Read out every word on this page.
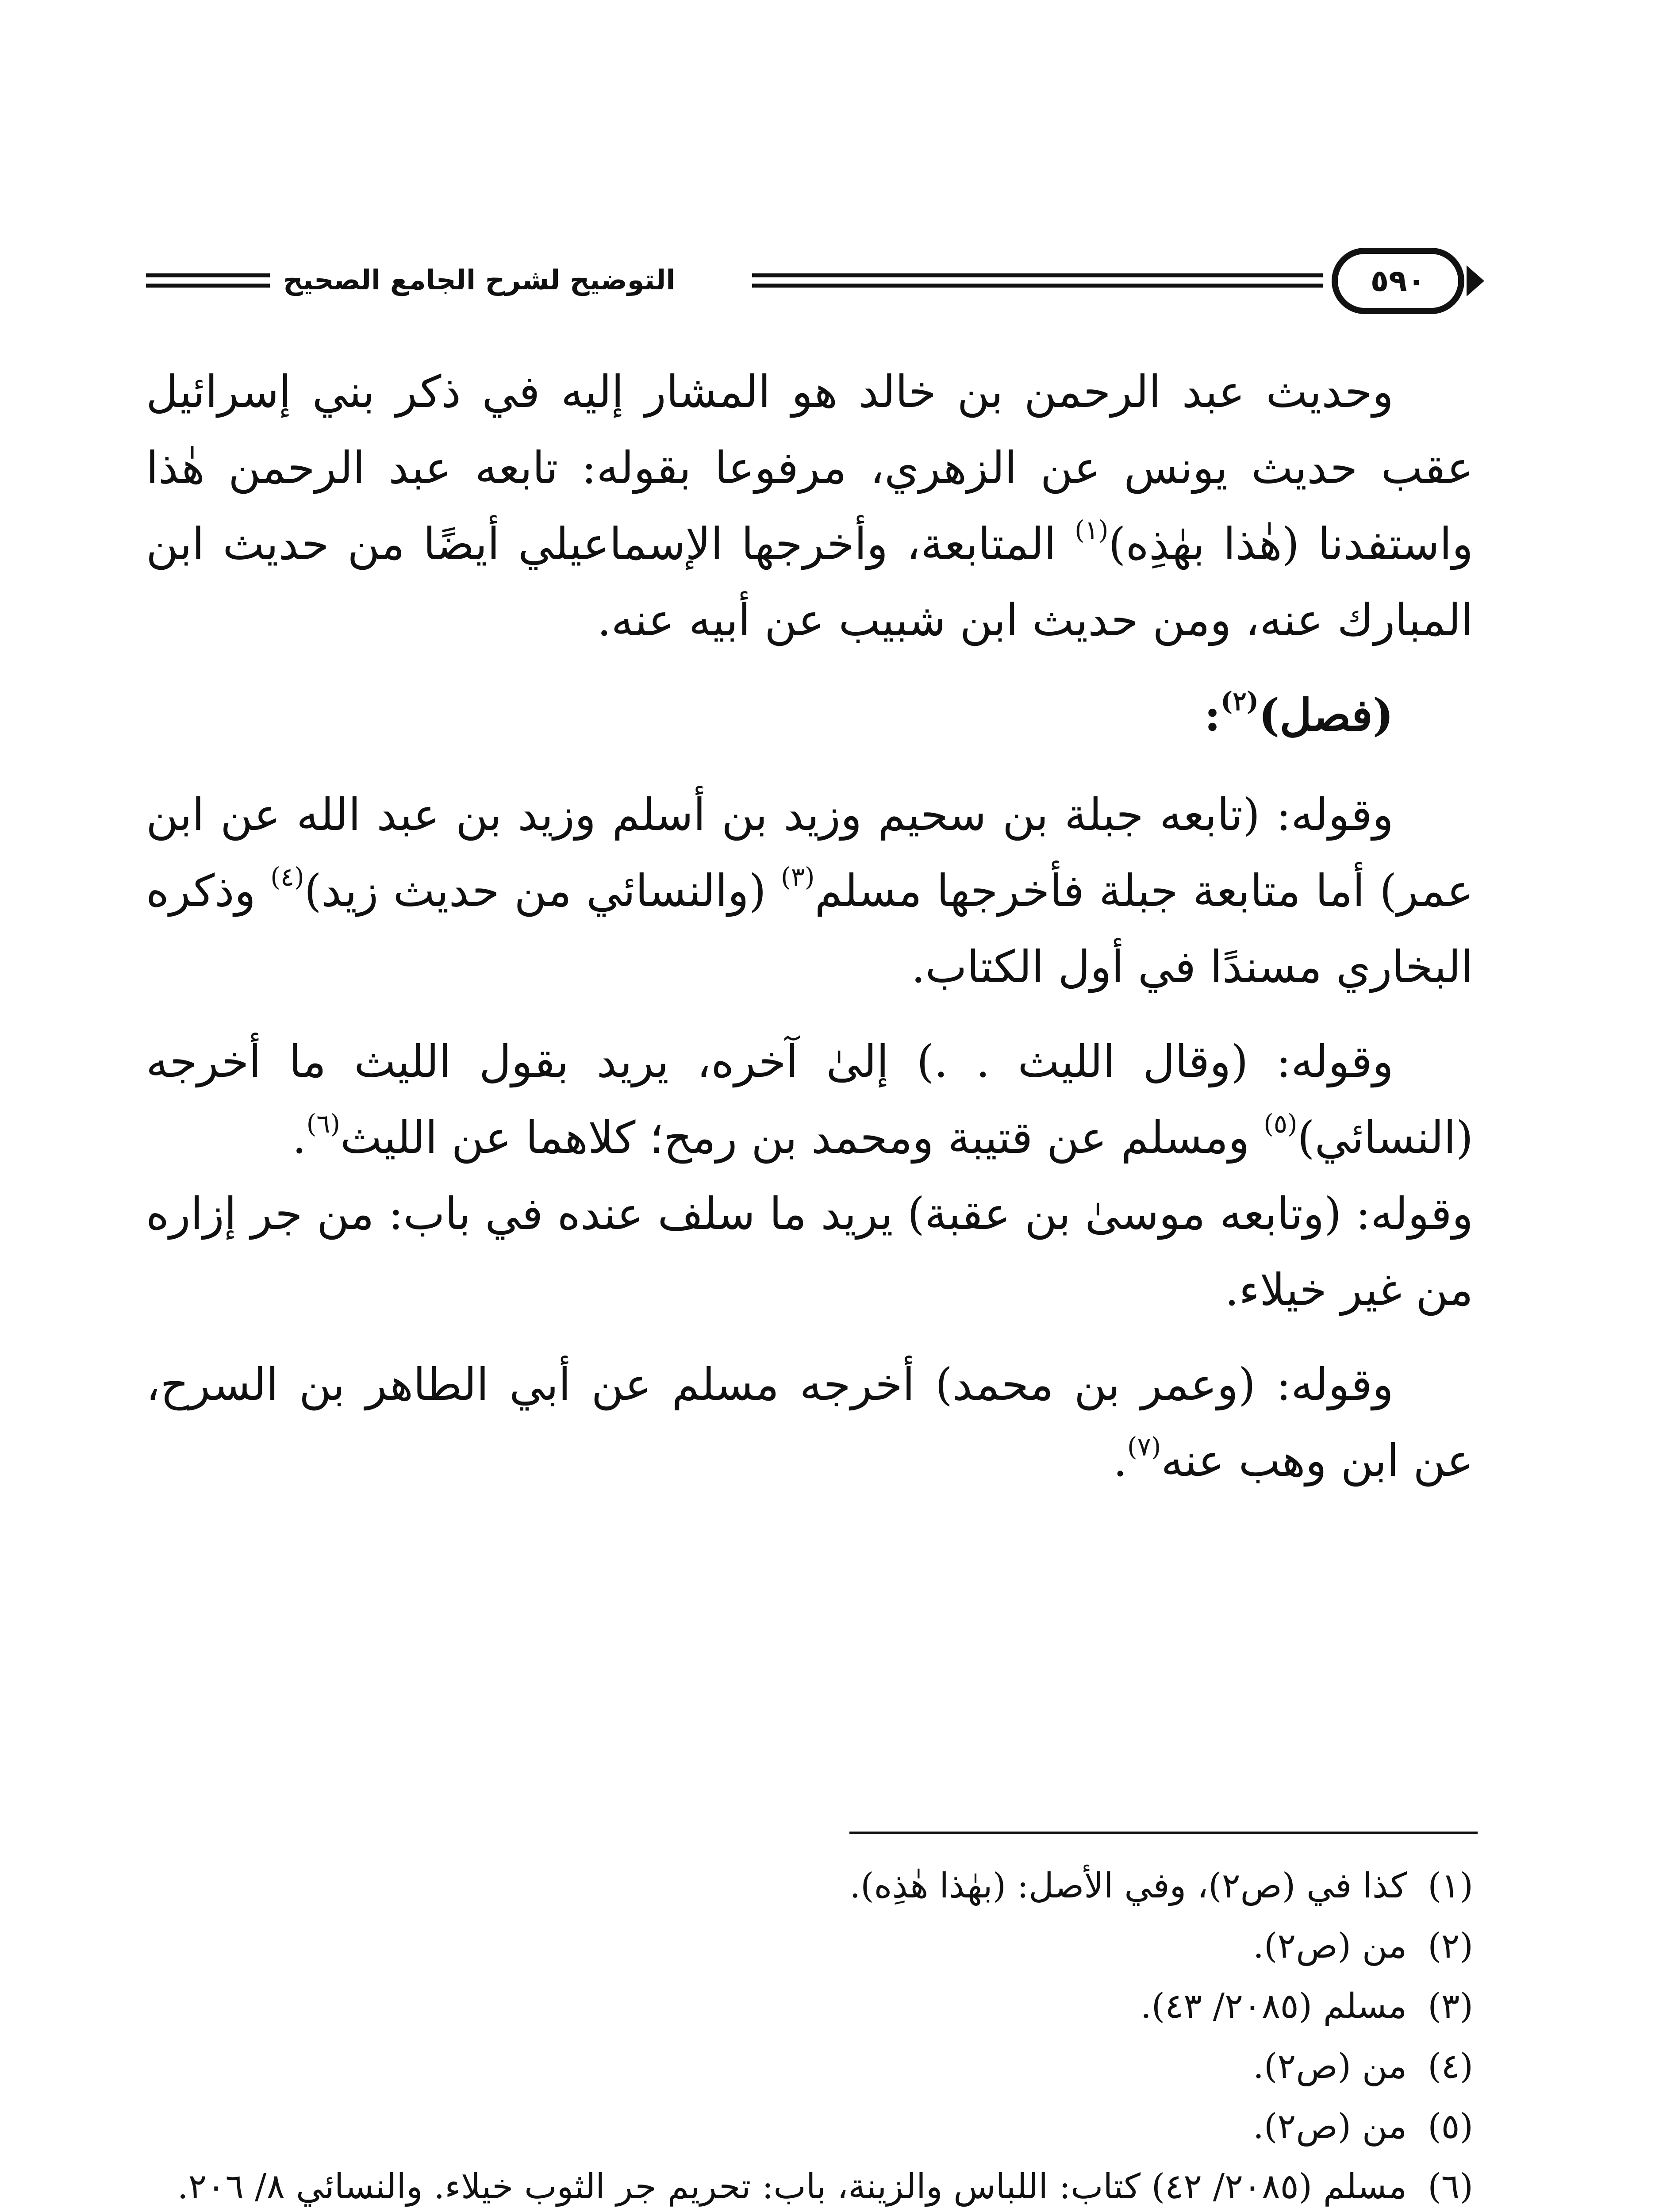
التوضيح لشرح الجامع الصحيح	٥٩٠

وحديث عبد الرحمن بن خالد هو المشار إليه في ذكر بني إسرائيل عقب حديث يونس عن الزهري، مرفوعا بقوله: تابعه عبد الرحمن هٰذا واستفدنا (هٰذا بهٰذِه)$^{(١)}$ المتابعة، وأخرجها الإسماعيلي أيضًا من حديث ابن المبارك عنه، ومن حديث ابن شبيب عن أبيه عنه.

(فصل)$^{(٢)}$:

وقوله: (تابعه جبلة بن سحيم وزيد بن أسلم وزيد بن عبد الله عن ابن عمر) أما متابعة جبلة فأخرجها مسلم$^{(٣)}$ (والنسائي من حديث زيد)$^{(٤)}$ وذكره البخاري مسندًا في أول الكتاب.

وقوله: (وقال الليث . .) إلىٰ آخره، يريد بقول الليث ما أخرجه (النسائي)$^{(٥)}$ ومسلم عن قتيبة ومحمد بن رمح؛ كلاهما عن الليث$^{(٦)}$.

وقوله: (وتابعه موسىٰ بن عقبة) يريد ما سلف عنده في باب: من جر إزاره من غير خيلاء.

وقوله: (وعمر بن محمد) أخرجه مسلم عن أبي الطاهر بن السرح، عن ابن وهب عنه$^{(٧)}$.

(١)
كذا في (ص٢)، وفي الأصل: (بهٰذا هٰذِه).
(٢)
من (ص٢).
(٣)
مسلم (٢٠٨٥/ ٤٣).
(٤)
من (ص٢).
(٥)
من (ص٢).
(٦)
مسلم (٢٠٨٥/ ٤٢) كتاب: اللباس والزينة، باب: تحريم جر الثوب خيلاء. والنسائي ٨/ ٢٠٦.
